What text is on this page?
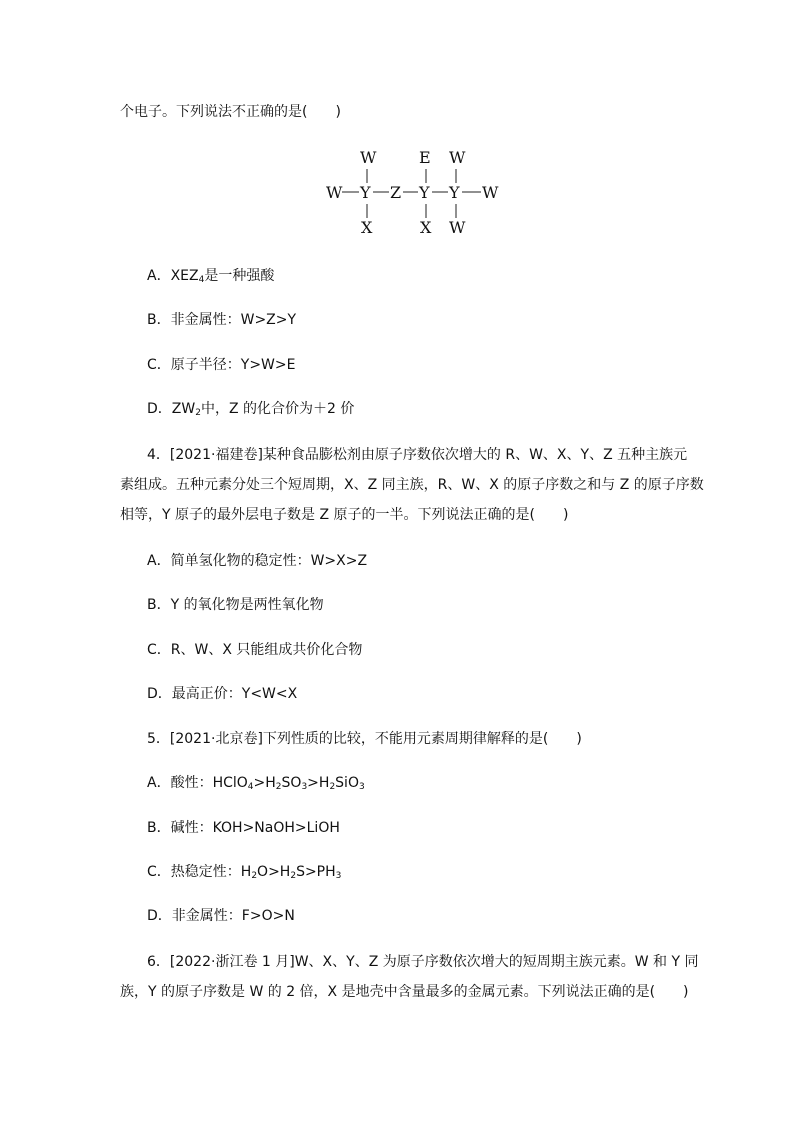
个电子。下列说法不正确的是(　　)
W	E W
W Y Z Y Y W
X	X W
A．$XEZ_4$是一种强酸
B．非金属性：W>Z>Y
C．原子半径：Y>W>E
D．$ZW_2$中，Z 的化合价为＋2 价
4．[2021·福建卷]某种食品膨松剂由原子序数依次增大的 R、W、X、Y、Z 五种主族元
素组成。五种元素分处三个短周期，X、Z 同主族，R、W、X 的原子序数之和与 Z 的原子序数
相等，Y 原子的最外层电子数是 Z 原子的一半。下列说法正确的是(　　)
A．简单氢化物的稳定性：W>X>Z
B．Y 的氧化物是两性氧化物
C．R、W、X 只能组成共价化合物
D．最高正价：Y<W<X
5．[2021·北京卷]下列性质的比较，不能用元素周期律解释的是(　　)
A．酸性：$HClO_4>H_2SO_3>H_2SiO_3$
B．碱性：KOH>NaOH>LiOH
C．热稳定性：$H_2O>H_2S>PH_3$
D．非金属性：F>O>N
6．[2022·浙江卷 1 月]W、X、Y、Z 为原子序数依次增大的短周期主族元素。W 和 Y 同
族，Y 的原子序数是 W 的 2 倍，X 是地壳中含量最多的金属元素。下列说法正确的是(　　)
